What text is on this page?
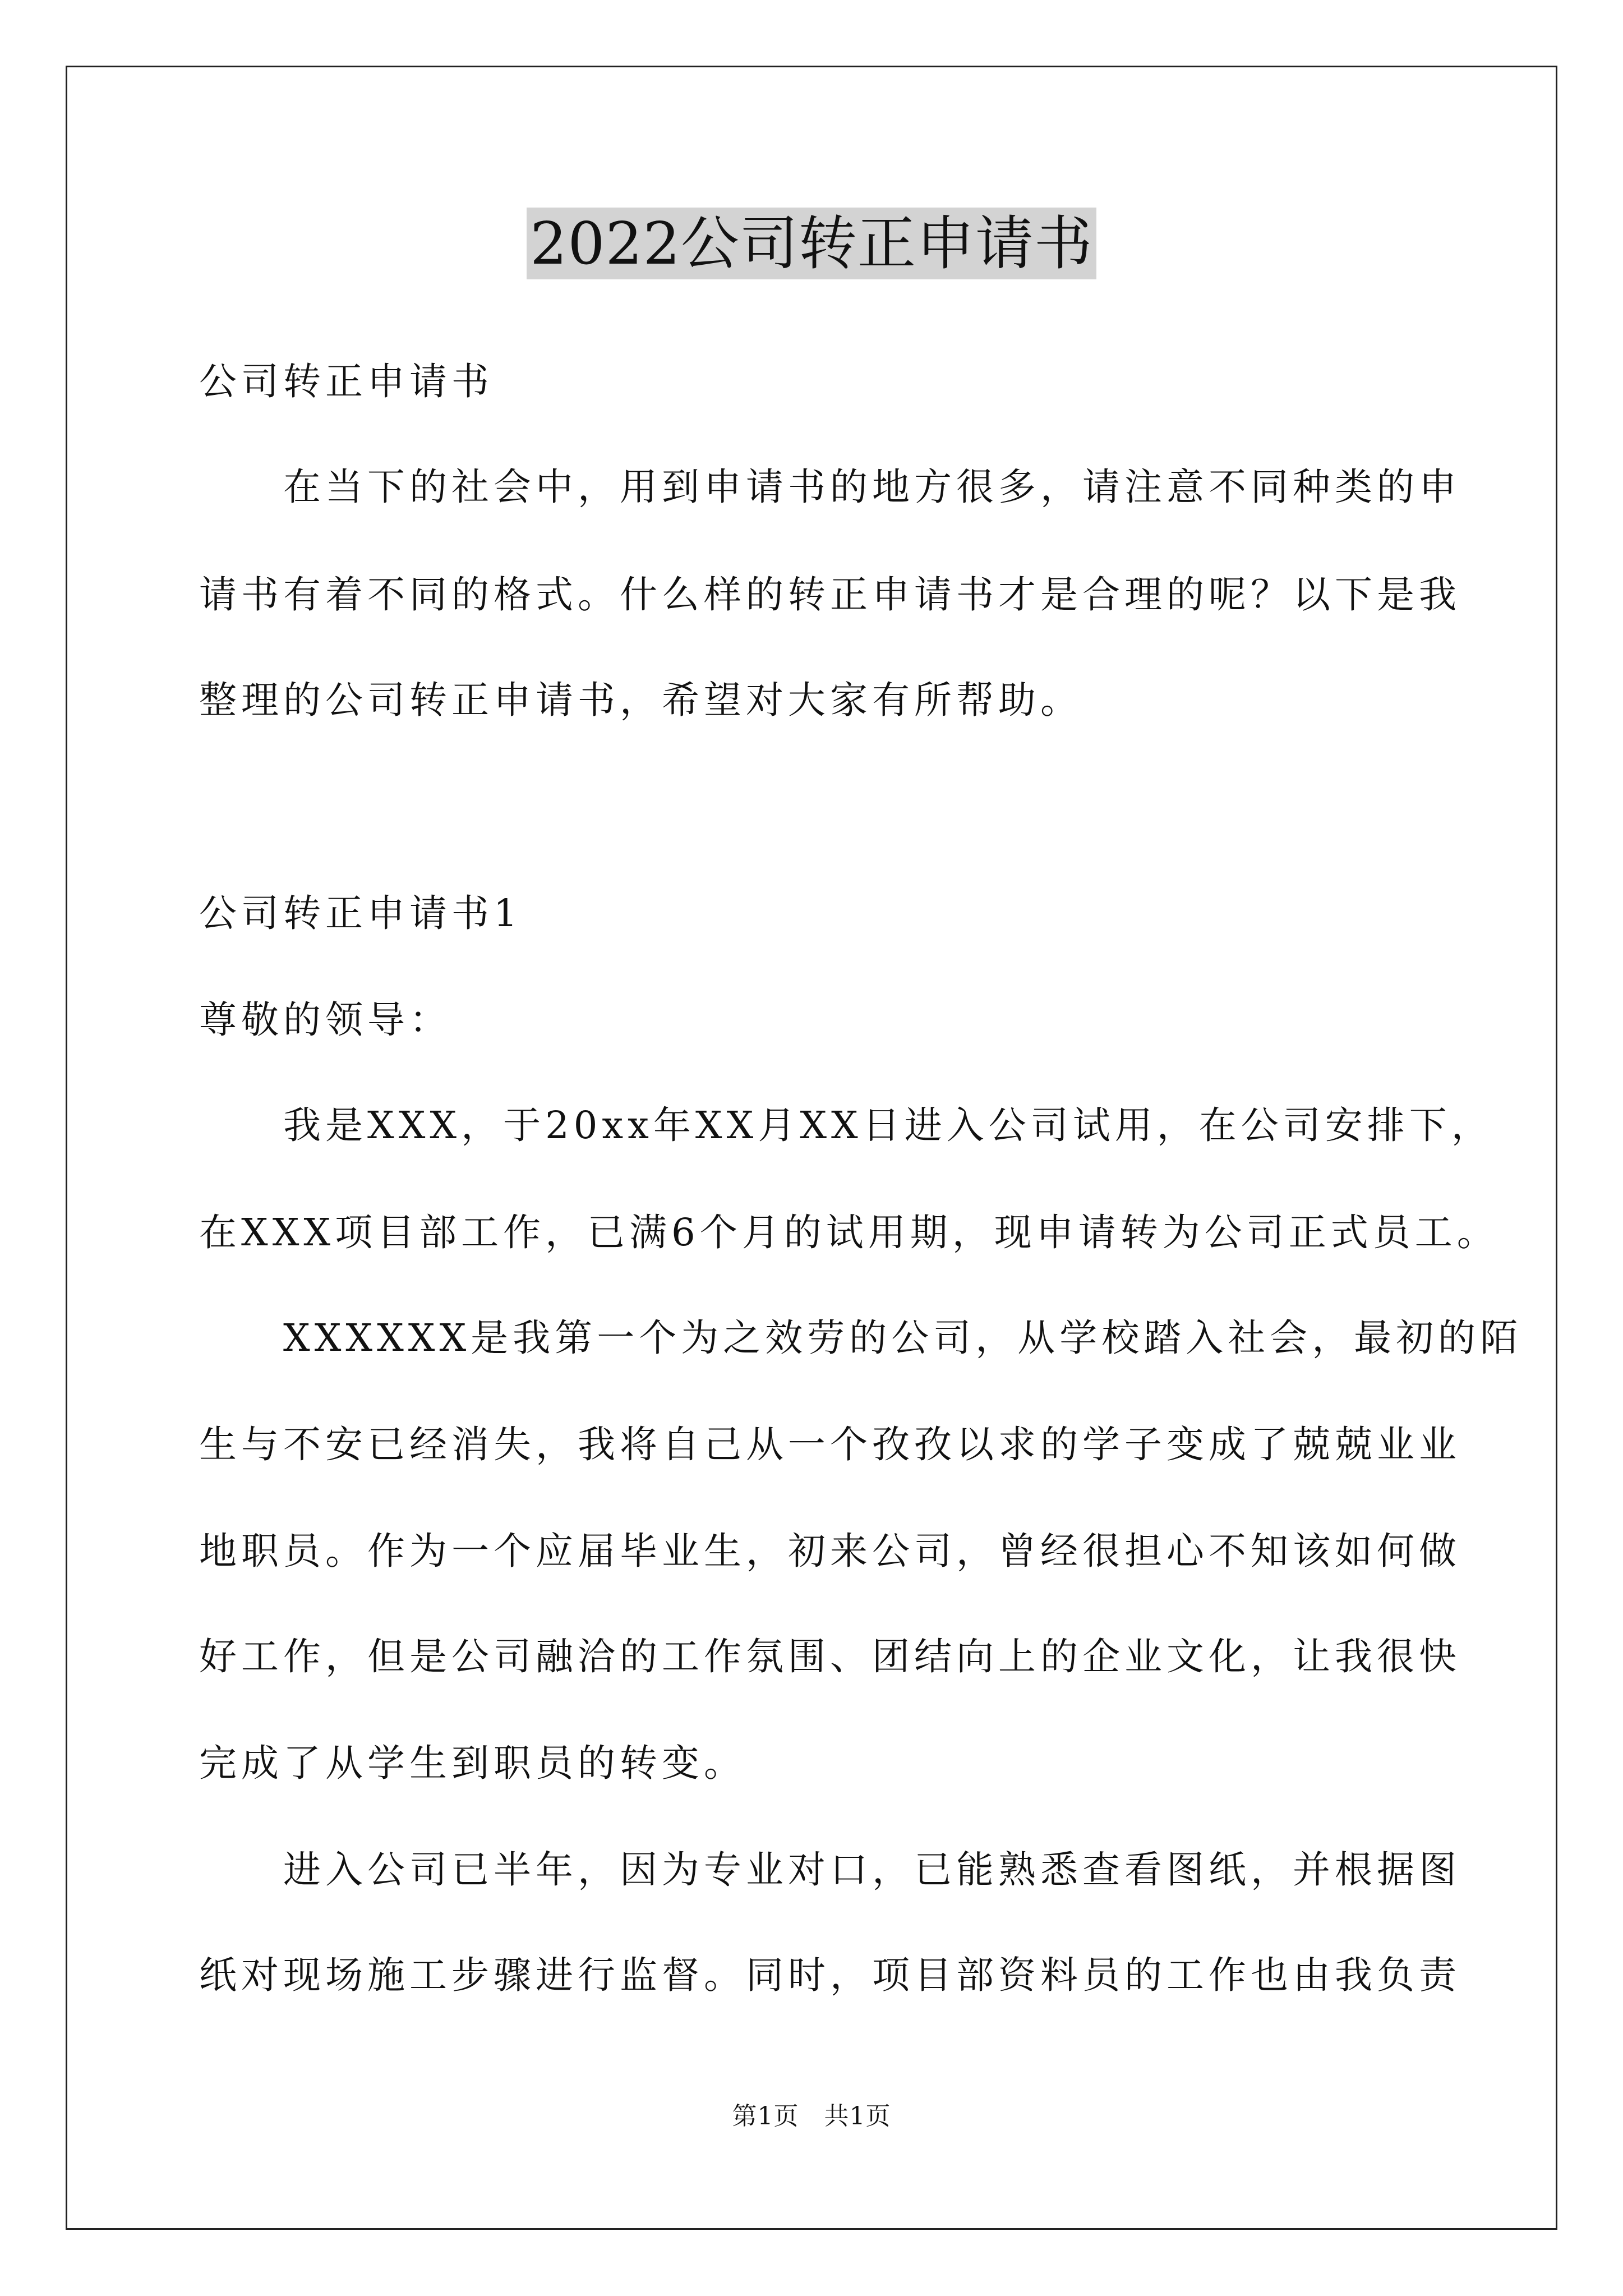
2022公司转正申请书
公司转正申请书
　　在当下的社会中，用到申请书的地方很多，请注意不同种类的申
请书有着不同的格式。什么样的转正申请书才是合理的呢？以下是我
整理的公司转正申请书，希望对大家有所帮助。
公司转正申请书1
尊敬的领导：
　　我是XXX，于20xx年XX月XX日进入公司试用，在公司安排下，
在XXX项目部工作，已满6个月的试用期，现申请转为公司正式员工。
　　XXXXXX是我第一个为之效劳的公司，从学校踏入社会，最初的陌
生与不安已经消失，我将自己从一个孜孜以求的学子变成了兢兢业业
地职员。作为一个应届毕业生，初来公司，曾经很担心不知该如何做
好工作，但是公司融洽的工作氛围、团结向上的企业文化，让我很快
完成了从学生到职员的转变。
　　进入公司已半年，因为专业对口，已能熟悉查看图纸，并根据图
纸对现场施工步骤进行监督。同时，项目部资料员的工作也由我负责
第1页　共1页
